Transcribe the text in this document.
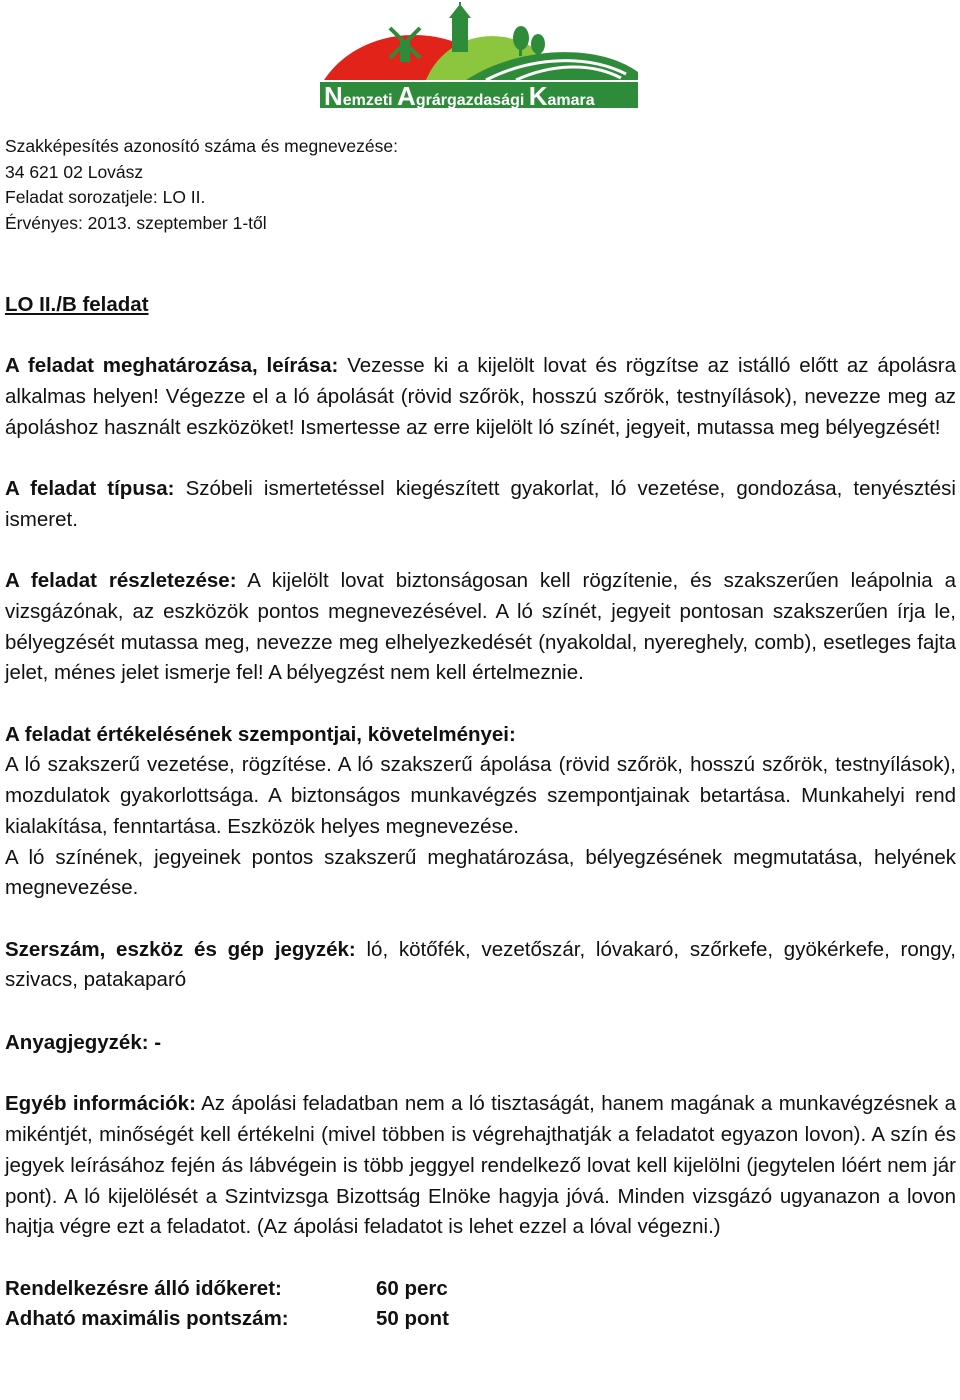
Nemzeti Agrárgazdasági Kamara
Szakképesítés azonosító száma és megnevezése:
34 621 02 Lovász
Feladat sorozatjele: LO II.
Érvényes: 2013. szeptember 1-től

LO II./B feladat

A feladat meghatározása, leírása: Vezesse ki a kijelölt lovat és rögzítse az istálló előtt az ápolásra alkalmas helyen! Végezze el a ló ápolását (rövid szőrök, hosszú szőrök, testnyílások), nevezze meg az ápoláshoz használt eszközöket! Ismertesse az erre kijelölt ló színét, jegyeit, mutassa meg bélyegzését!

A feladat típusa: Szóbeli ismertetéssel kiegészített gyakorlat, ló vezetése, gondozása, tenyésztési ismeret.

A feladat részletezése: A kijelölt lovat biztonságosan kell rögzítenie, és szakszerűen leápolnia a vizsgázónak, az eszközök pontos megnevezésével. A ló színét, jegyeit pontosan szakszerűen írja le, bélyegzését mutassa meg, nevezze meg elhelyezkedését (nyakoldal, nyereghely, comb), esetleges fajta jelet, ménes jelet ismerje fel! A bélyegzést nem kell értelmeznie.

A feladat értékelésének szempontjai, követelményei:

A ló szakszerű vezetése, rögzítése. A ló szakszerű ápolása (rövid szőrök, hosszú szőrök, testnyílások), mozdulatok gyakorlottsága. A biztonságos munkavégzés szempontjainak betartása. Munkahelyi rend kialakítása, fenntartása. Eszközök helyes megnevezése.

A ló színének, jegyeinek pontos szakszerű meghatározása, bélyegzésének megmutatása, helyének megnevezése.

Szerszám, eszköz és gép jegyzék: ló, kötőfék, vezetőszár, lóvakaró, szőrkefe, gyökérkefe, rongy, szivacs, patakaparó

Anyagjegyzék: -

Egyéb információk: Az ápolási feladatban nem a ló tisztaságát, hanem magának a munkavégzésnek a mikéntjét, minőségét kell értékelni (mivel többen is végrehajthatják a feladatot egyazon lovon). A szín és jegyek leírásához fején ás lábvégein is több jeggyel rendelkező lovat kell kijelölni (jegytelen lóért nem jár pont). A ló kijelölését a Szintvizsga Bizottság Elnöke hagyja jóvá. Minden vizsgázó ugyanazon a lovon hajtja végre ezt a feladatot. (Az ápolási feladatot is lehet ezzel a lóval végezni.)

Rendelkezésre álló időkeret:	60 perc
Adható maximális pontszám:	50 pont
